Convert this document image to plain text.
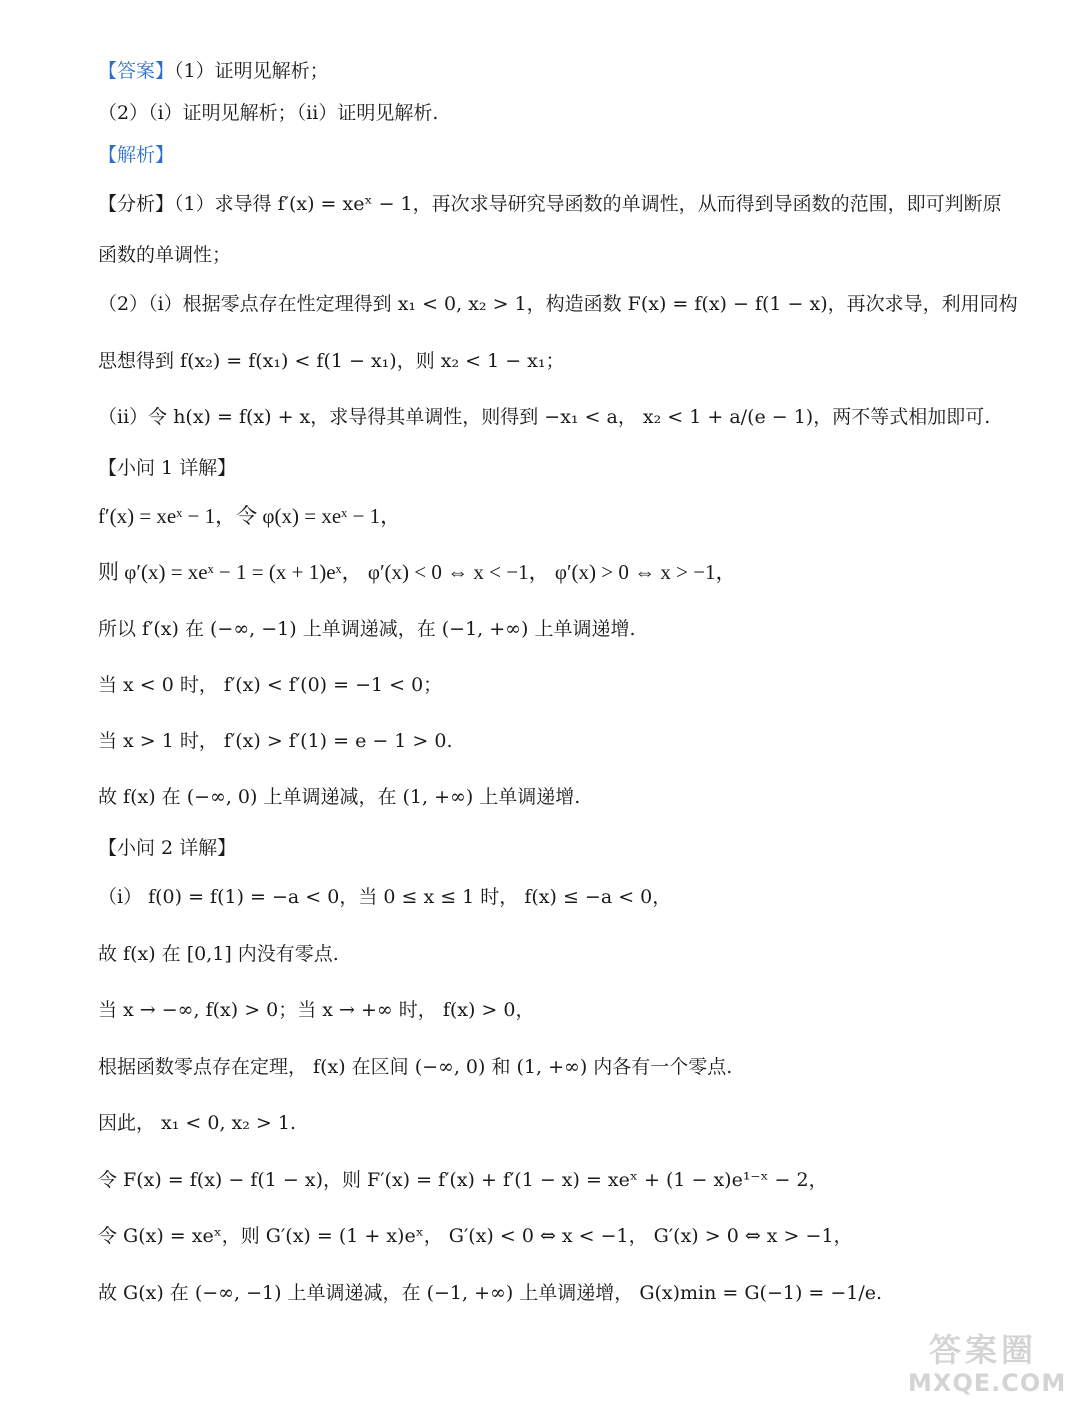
【答案】（1）证明见解析；
（2）（i）证明见解析；（ii）证明见解析.
【解析】
【分析】（1）求导得 f′(x) = xeˣ − 1，再次求导研究导函数的单调性，从而得到导函数的范围，即可判断原
函数的单调性；
（2）（i）根据零点存在性定理得到 x₁ < 0, x₂ > 1，构造函数 F(x) = f(x) − f(1 − x)，再次求导，利用同构
思想得到 f(x₂) = f(x₁) < f(1 − x₁)，则 x₂ < 1 − x₁；
（ii）令 h(x) = f(x) + x，求导得其单调性，则得到 −x₁ < a， x₂ < 1 + a/(e − 1)，两不等式相加即可.
【小问 1 详解】
f′(x) = xeˣ − 1，令 φ(x) = xeˣ − 1，
则 φ′(x) = xeˣ − 1 = (x + 1)eˣ， φ′(x) < 0 ⇔ x < −1， φ′(x) > 0 ⇔ x > −1，
所以 f′(x) 在 (−∞, −1) 上单调递减，在 (−1, +∞) 上单调递增.
当 x < 0 时， f′(x) < f′(0) = −1 < 0；
当 x > 1 时， f′(x) > f′(1) = e − 1 > 0.
故 f(x) 在 (−∞, 0) 上单调递减，在 (1, +∞) 上单调递增.
【小问 2 详解】
（i） f(0) = f(1) = −a < 0，当 0 ≤ x ≤ 1 时， f(x) ≤ −a < 0，
故 f(x) 在 [0,1] 内没有零点.
当 x → −∞, f(x) > 0；当 x → +∞ 时， f(x) > 0，
根据函数零点存在定理， f(x) 在区间 (−∞, 0) 和 (1, +∞) 内各有一个零点.
因此， x₁ < 0, x₂ > 1.
令 F(x) = f(x) − f(1 − x)，则 F′(x) = f′(x) + f′(1 − x) = xeˣ + (1 − x)e¹⁻ˣ − 2，
令 G(x) = xeˣ，则 G′(x) = (1 + x)eˣ， G′(x) < 0 ⇔ x < −1， G′(x) > 0 ⇔ x > −1，
故 G(x) 在 (−∞, −1) 上单调递减，在 (−1, +∞) 上单调递增， G(x)min = G(−1) = −1/e.
答案圈
MXQE.COM
